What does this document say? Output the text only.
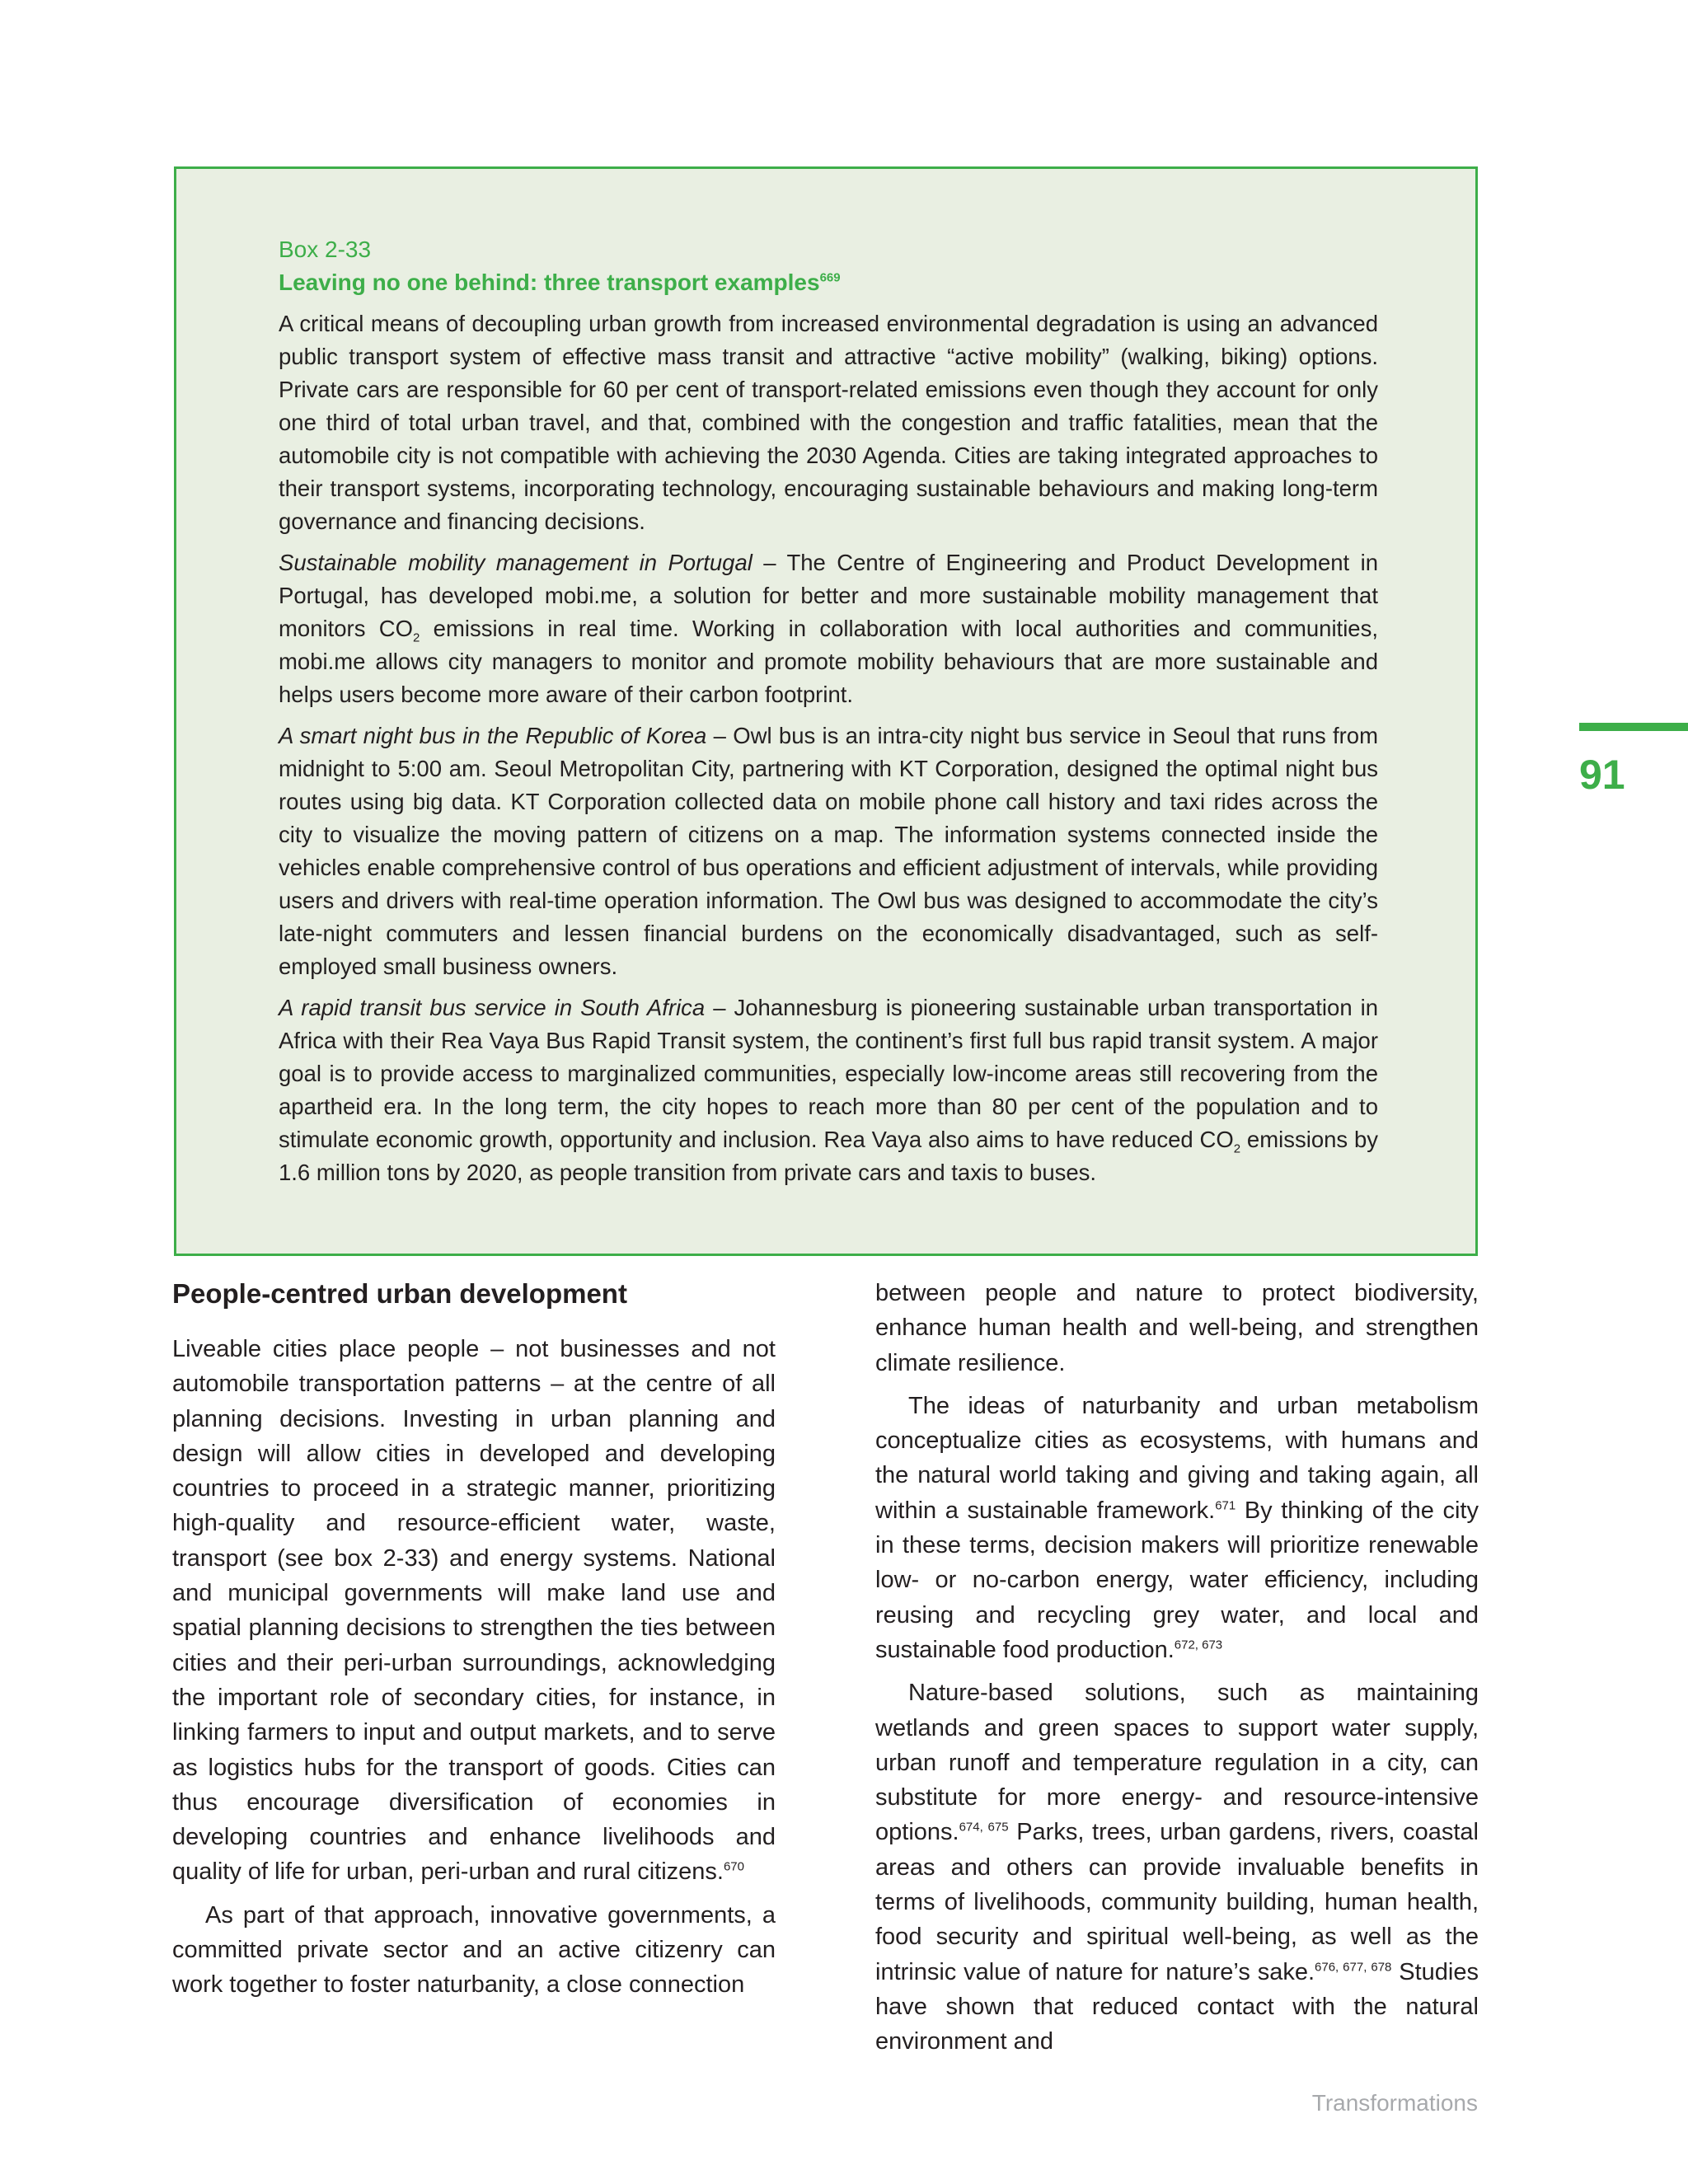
Box 2-33
Leaving no one behind: three transport examples$^{669}$

A critical means of decoupling urban growth from increased environmental degradation is using an advanced public transport system of effective mass transit and attractive “active mobility” (walking, biking) options. Private cars are responsible for 60 per cent of transport-related emissions even though they account for only one third of total urban travel, and that, combined with the congestion and traffic fatalities, mean that the automobile city is not compatible with achieving the 2030 Agenda. Cities are taking integrated approaches to their transport systems, incorporating technology, encouraging sustainable behaviours and making long-term governance and financing decisions.

Sustainable mobility management in Portugal – The Centre of Engineering and Product Development in Portugal, has developed mobi.me, a solution for better and more sustainable mobility management that monitors $CO_2$ emissions in real time. Working in collaboration with local authorities and communities, mobi.me allows city managers to monitor and promote mobility behaviours that are more sustainable and helps users become more aware of their carbon footprint.

A smart night bus in the Republic of Korea – Owl bus is an intra-city night bus service in Seoul that runs from midnight to 5:00 am. Seoul Metropolitan City, partnering with KT Corporation, designed the optimal night bus routes using big data. KT Corporation collected data on mobile phone call history and taxi rides across the city to visualize the moving pattern of citizens on a map. The information systems connected inside the vehicles enable comprehensive control of bus operations and efficient adjustment of intervals, while providing users and drivers with real-time operation information. The Owl bus was designed to accommodate the city’s late-night commuters and lessen financial burdens on the economically disadvantaged, such as self-employed small business owners.

A rapid transit bus service in South Africa – Johannesburg is pioneering sustainable urban transportation in Africa with their Rea Vaya Bus Rapid Transit system, the continent’s first full bus rapid transit system. A major goal is to provide access to marginalized communities, especially low-income areas still recovering from the apartheid era. In the long term, the city hopes to reach more than 80 per cent of the population and to stimulate economic growth, opportunity and inclusion. Rea Vaya also aims to have reduced $CO_2$ emissions by 1.6 million tons by 2020, as people transition from private cars and taxis to buses.

People-centred urban development

Liveable cities place people – not businesses and not automobile transportation patterns – at the centre of all planning decisions. Investing in urban planning and design will allow cities in developed and developing countries to proceed in a strategic manner, prioritizing high-quality and resource-efficient water, waste, transport (see box 2-33) and energy systems. National and municipal governments will make land use and spatial planning decisions to strengthen the ties between cities and their peri-urban surroundings, acknowledging the important role of secondary cities, for instance, in linking farmers to input and output markets, and to serve as logistics hubs for the transport of goods. Cities can thus encourage diversification of economies in developing countries and enhance livelihoods and quality of life for urban, peri-urban and rural citizens.$^{670}$

As part of that approach, innovative governments, a committed private sector and an active citizenry can work together to foster naturbanity, a close connection

between people and nature to protect biodiversity, enhance human health and well-being, and strengthen climate resilience.

The ideas of naturbanity and urban metabolism conceptualize cities as ecosystems, with humans and the natural world taking and giving and taking again, all within a sustainable framework.$^{671}$ By thinking of the city in these terms, decision makers will prioritize renewable low- or no-carbon energy, water efficiency, including reusing and recycling grey water, and local and sustainable food production.$^{672, 673}$

Nature-based solutions, such as maintaining wetlands and green spaces to support water supply, urban runoff and temperature regulation in a city, can substitute for more energy- and resource-intensive options.$^{674, 675}$ Parks, trees, urban gardens, rivers, coastal areas and others can provide invaluable benefits in terms of livelihoods, community building, human health, food security and spiritual well-being, as well as the intrinsic value of nature for nature’s sake.$^{676, 677, 678}$ Studies have shown that reduced contact with the natural environment and

91
Transformations
